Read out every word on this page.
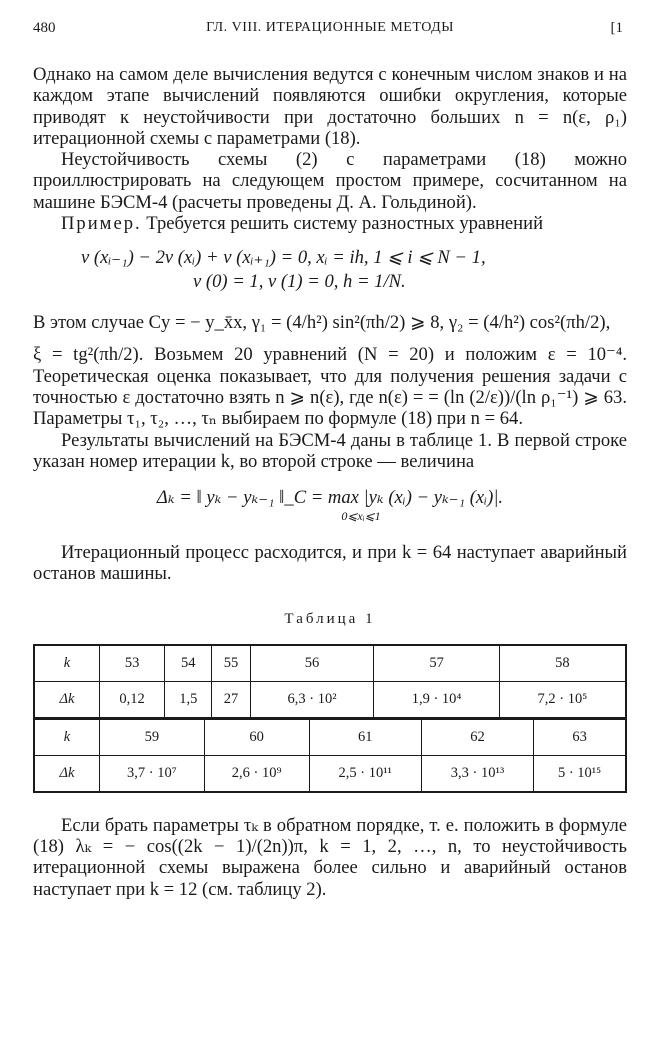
480	ГЛ. VIII. ИТЕРАЦИОННЫЕ МЕТОДЫ	[1

Однако на самом деле вычисления ведутся с конечным числом знаков и на каждом этапе вычислений появляются ошибки округления, которые приводят к неустойчивости при достаточно больших n = n(ε, ρ₁) итерационной схемы с параметрами (18).

Неустойчивость схемы (2) с параметрами (18) можно проиллюстрировать на следующем простом примере, сосчитанном на машине БЭСМ-4 (расчеты проведены Д. А. Гольдиной).

Пример. Требуется решить систему разностных уравнений

v (xᵢ₋₁) − 2v (xᵢ) + v (xᵢ₊₁) = 0, xᵢ = ih, 1 ⩽ i ⩽ N − 1,
v (0) = 1, v (1) = 0, h = 1/N.

В этом случае Cy = − y_x̄x, γ₁ = (4/h²) sin²(πh/2) ⩾ 8, γ₂ = (4/h²) cos²(πh/2),

ξ = tg²(πh/2). Возьмем 20 уравнений (N = 20) и положим ε = 10⁻⁴. Теоретическая оценка показывает, что для получения решения задачи с точностью ε достаточно взять n ⩾ n(ε), где n(ε) = = (ln (2/ε))/(ln ρ₁⁻¹) ⩾ 63. Параметры τ₁, τ₂, …, τₙ выбираем по формуле (18) при n = 64.

Результаты вычислений на БЭСМ-4 даны в таблице 1. В первой строке указан номер итерации k, во второй строке — величина

Δₖ = ‖ yₖ − yₖ₋₁ ‖_C = max |yₖ (xᵢ) − yₖ₋₁ (xᵢ)|.
0⩽xᵢ⩽1

Итерационный процесс расходится, и при k = 64 наступает аварийный останов машины.

Таблица 1
k	53	54	55	56	57	58
Δk	0,12	1,5	27	6,3 · 10²	1,9 · 10⁴	7,2 · 10⁵
k	59	60	61	62	63
Δk	3,7 · 10⁷	2,6 · 10⁹	2,5 · 10¹¹	3,3 · 10¹³	5 · 10¹⁵

Если брать параметры τₖ в обратном порядке, т. е. положить в формуле (18) λₖ = − cos((2k − 1)/(2n))π, k = 1, 2, …, n, то неустойчивость итерационной схемы выражена более сильно и аварийный останов наступает при k = 12 (см. таблицу 2).
